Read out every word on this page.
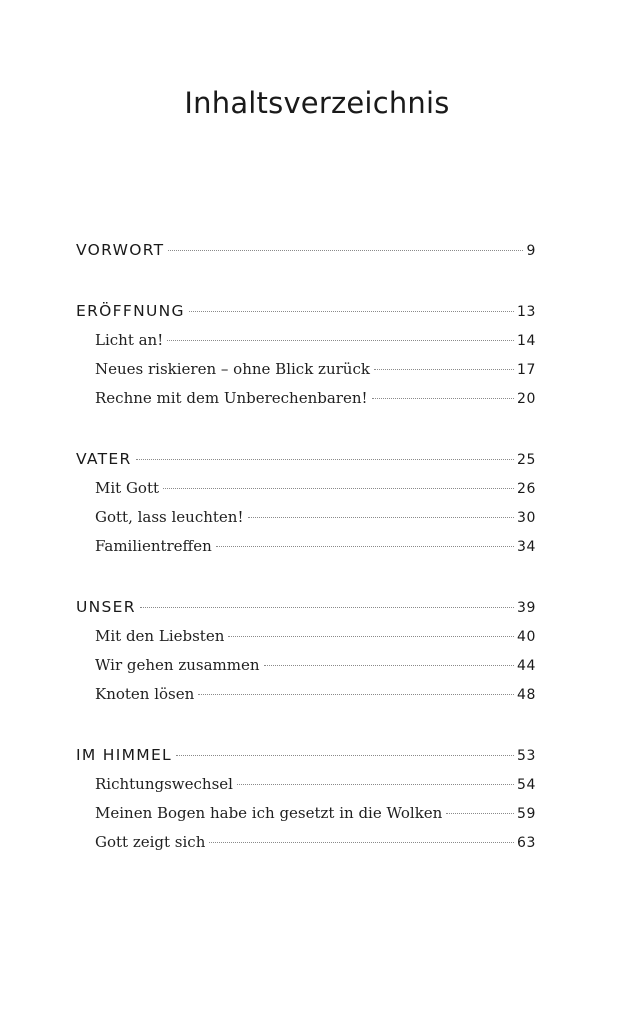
Inhaltsverzeichnis
VORWORT	9
ERÖFFNUNG	13
Licht an!	14
Neues riskieren – ohne Blick zurück	17
Rechne mit dem Unberechenbaren!	20
VATER	25
Mit Gott	26
Gott, lass leuchten!	30
Familientreffen	34
UNSER	39
Mit den Liebsten	40
Wir gehen zusammen	44
Knoten lösen	48
IM HIMMEL	53
Richtungswechsel	54
Meinen Bogen habe ich gesetzt in die Wolken	59
Gott zeigt sich	63
